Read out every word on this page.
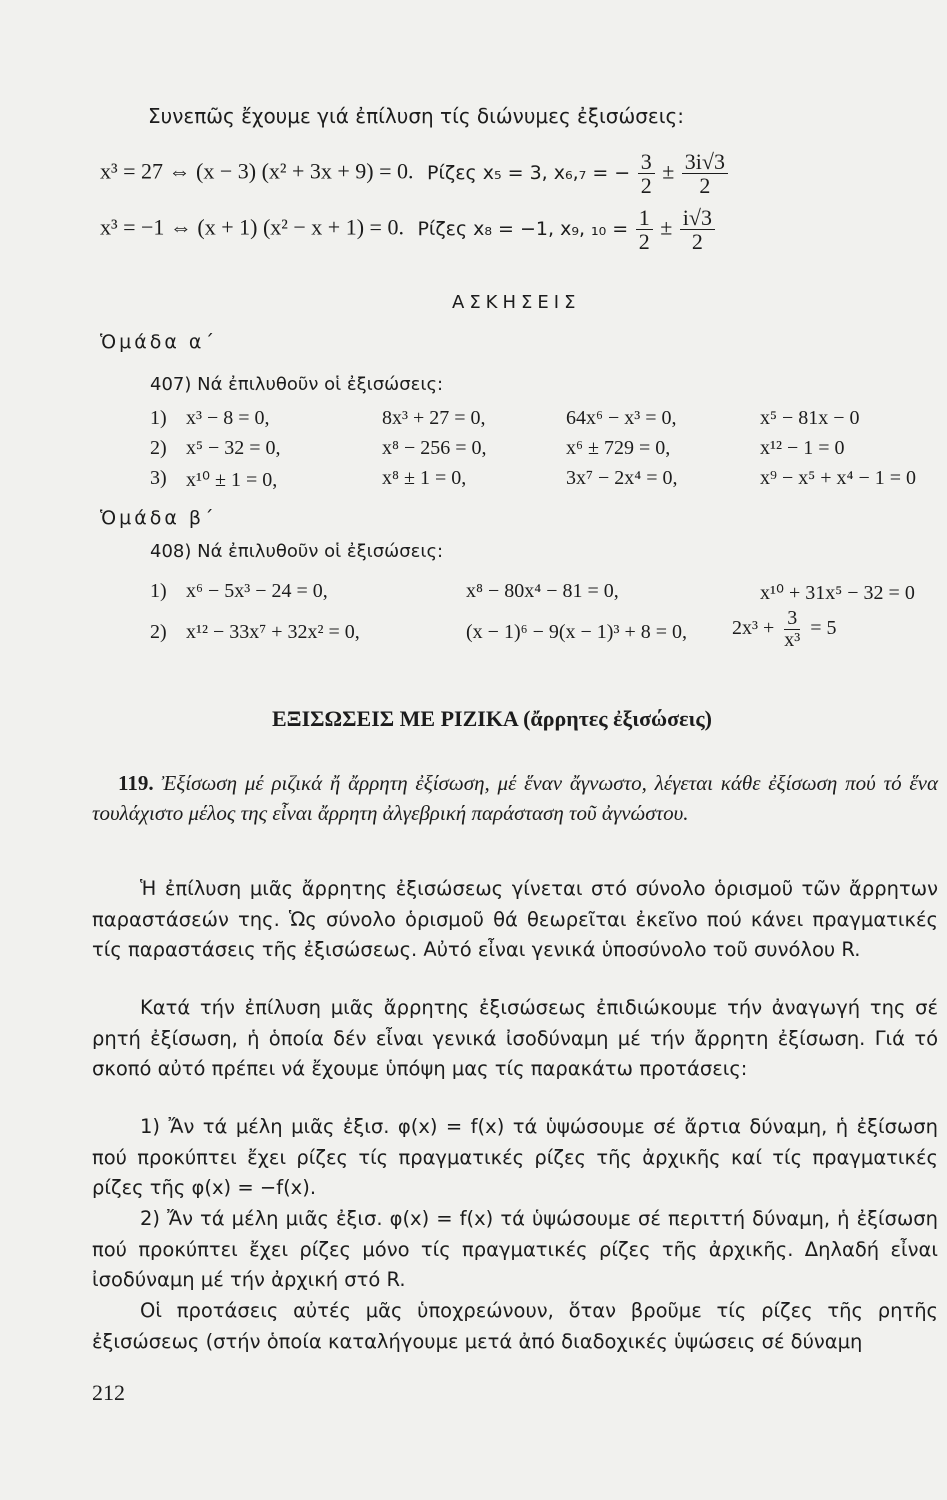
Συνεπῶς ἔχουμε γιά ἐπίλυση τίς διώνυμες ἐξισώσεις:
x³ = 27 ⇔ (x − 3) (x² + 3x + 9) = 0. Ρίζες x₅ = 3, x₆,₇ = − $\frac{3}{2} \pm \frac{3i√3}{2}$
x³ = −1 ⇔ (x + 1) (x² − x + 1) = 0. Ρίζες x₈ = −1, x₉, $_{10} = \frac{1}{2} \pm \frac{i√3}{2}$
ΑΣΚΗΣΕΙΣ
Ὁμάδα α΄
407) Νά ἐπιλυθοῦν οἱ ἐξισώσεις:
1) x³ − 8 = 0,	8x³ + 27 = 0,	64x⁶ − x³ = 0,	x⁵ − 81x − 0
2) x⁵ − 32 = 0,	x⁸ − 256 = 0,	x⁶ ± 729 = 0,	x¹² − 1 = 0
3) x¹⁰ ± 1 = 0,	x⁸ ± 1 = 0,	3x⁷ − 2x⁴ = 0,	x⁹ − x⁵ + x⁴ − 1 = 0
Ὁμάδα β΄
408) Νά ἐπιλυθοῦν οἱ ἐξισώσεις:
1) x⁶ − 5x³ − 24 = 0,	x⁸ − 80x⁴ − 81 = 0,	x¹⁰ + 31x⁵ − 32 = 0
2) x¹² − 33x⁷ + 32x² = 0,	(x − 1)⁶ − 9(x − 1)³ + 8 = 0, $2x^3 + \frac{3}{\text{x³}} = 5$
ΕΞΙΣΩΣΕΙΣ ΜΕ ΡΙΖΙΚΑ (ἄρρητες ἐξισώσεις)
119. Ἐξίσωση μέ ριζικά ἤ ἄρρητη ἐξίσωση, μέ ἕναν ἄγνωστο, λέγεται κάθε ἐξίσωση πού τό ἕνα τουλάχιστο μέλος της εἶναι ἄρρητη ἀλγεβρική παράσταση τοῦ ἀγνώστου.
Ἡ ἐπίλυση μιᾶς ἄρρητης ἐξισώσεως γίνεται στό σύνολο ὁρισμοῦ τῶν ἄρρητων παραστάσεών της. Ὡς σύνολο ὁρισμοῦ θά θεωρεῖται ἐκεῖνο πού κάνει πραγματικές τίς παραστάσεις τῆς ἐξισώσεως. Αὐτό εἶναι γενικά ὑποσύνολο τοῦ συνόλου R.
Κατά τήν ἐπίλυση μιᾶς ἄρρητης ἐξισώσεως ἐπιδιώκουμε τήν ἀναγωγή της σέ ρητή ἐξίσωση, ἡ ὁποία δέν εἶναι γενικά ἰσοδύναμη μέ τήν ἄρρητη ἐξίσωση. Γιά τό σκοπό αὐτό πρέπει νά ἔχουμε ὑπόψη μας τίς παρακάτω προτάσεις:
1) Ἄν τά μέλη μιᾶς ἐξισ. φ(x) = f(x) τά ὑψώσουμε σέ ἄρτια δύναμη, ἡ ἐξίσωση πού προκύπτει ἔχει ρίζες τίς πραγματικές ρίζες τῆς ἀρχικῆς καί τίς πραγματικές ρίζες τῆς φ(x) = −f(x).
2) Ἄν τά μέλη μιᾶς ἐξισ. φ(x) = f(x) τά ὑψώσουμε σέ περιττή δύναμη, ἡ ἐξίσωση πού προκύπτει ἔχει ρίζες μόνο τίς πραγματικές ρίζες τῆς ἀρχικῆς. Δηλαδή εἶναι ἰσοδύναμη μέ τήν ἀρχική στό R.
Οἱ προτάσεις αὐτές μᾶς ὑποχρεώνουν, ὅταν βροῦμε τίς ρίζες τῆς ρητῆς ἐξισώσεως (στήν ὁποία καταλήγουμε μετά ἀπό διαδοχικές ὑψώσεις σέ δύναμη
212
